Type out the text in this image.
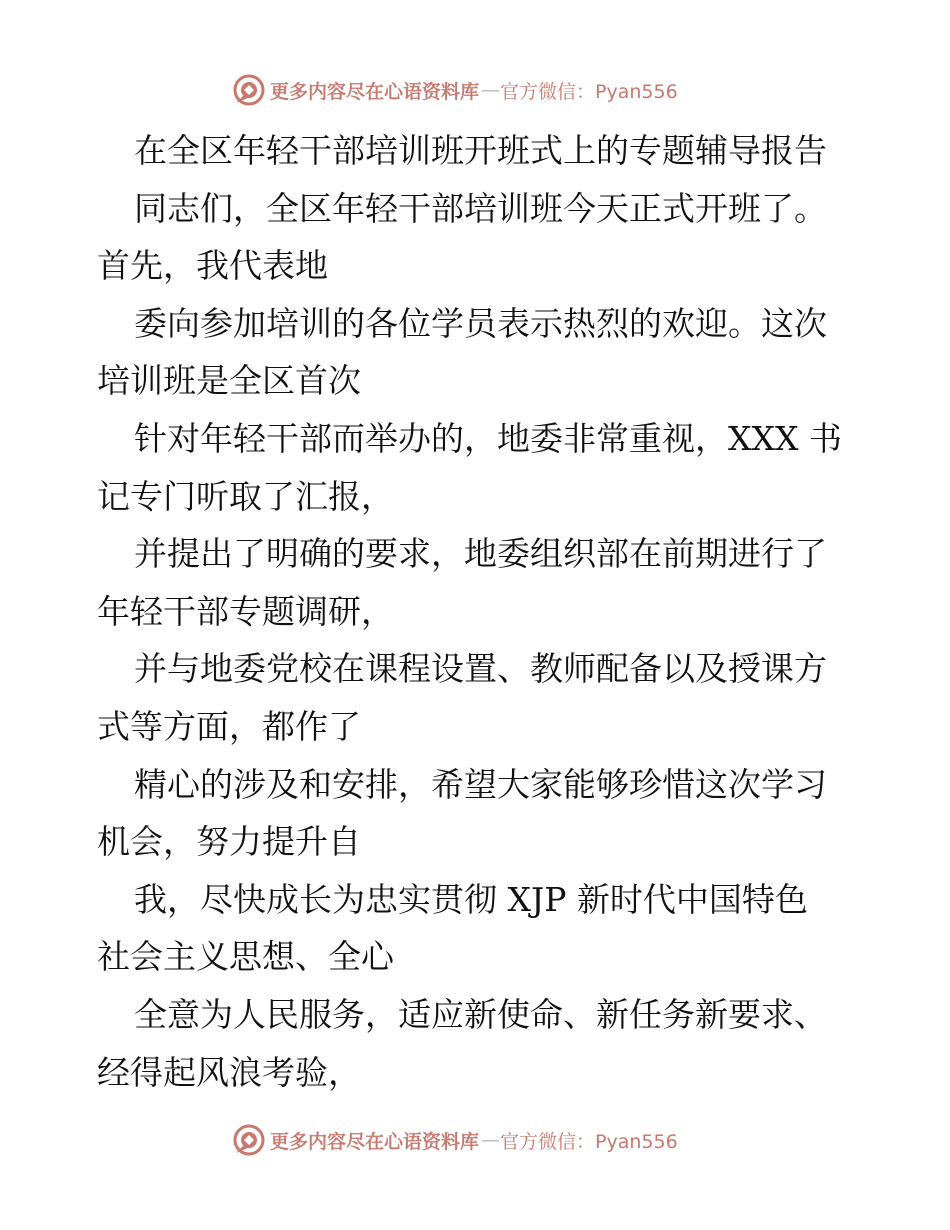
更多内容尽在心语资料库 — 官方微信：Pyan556
在全区年轻干部培训班开班式上的专题辅导报告
同志们，全区年轻干部培训班今天正式开班了。
首先，我代表地
委向参加培训的各位学员表示热烈的欢迎。这次
培训班是全区首次
针对年轻干部而举办的，地委非常重视，XXX 书
记专门听取了汇报，
并提出了明确的要求，地委组织部在前期进行了
年轻干部专题调研，
并与地委党校在课程设置、教师配备以及授课方
式等方面，都作了
精心的涉及和安排，希望大家能够珍惜这次学习
机会，努力提升自
我，尽快成长为忠实贯彻 XJP 新时代中国特色
社会主义思想、全心
全意为人民服务，适应新使命、新任务新要求、
经得起风浪考验，
更多内容尽在心语资料库 — 官方微信：Pyan556
